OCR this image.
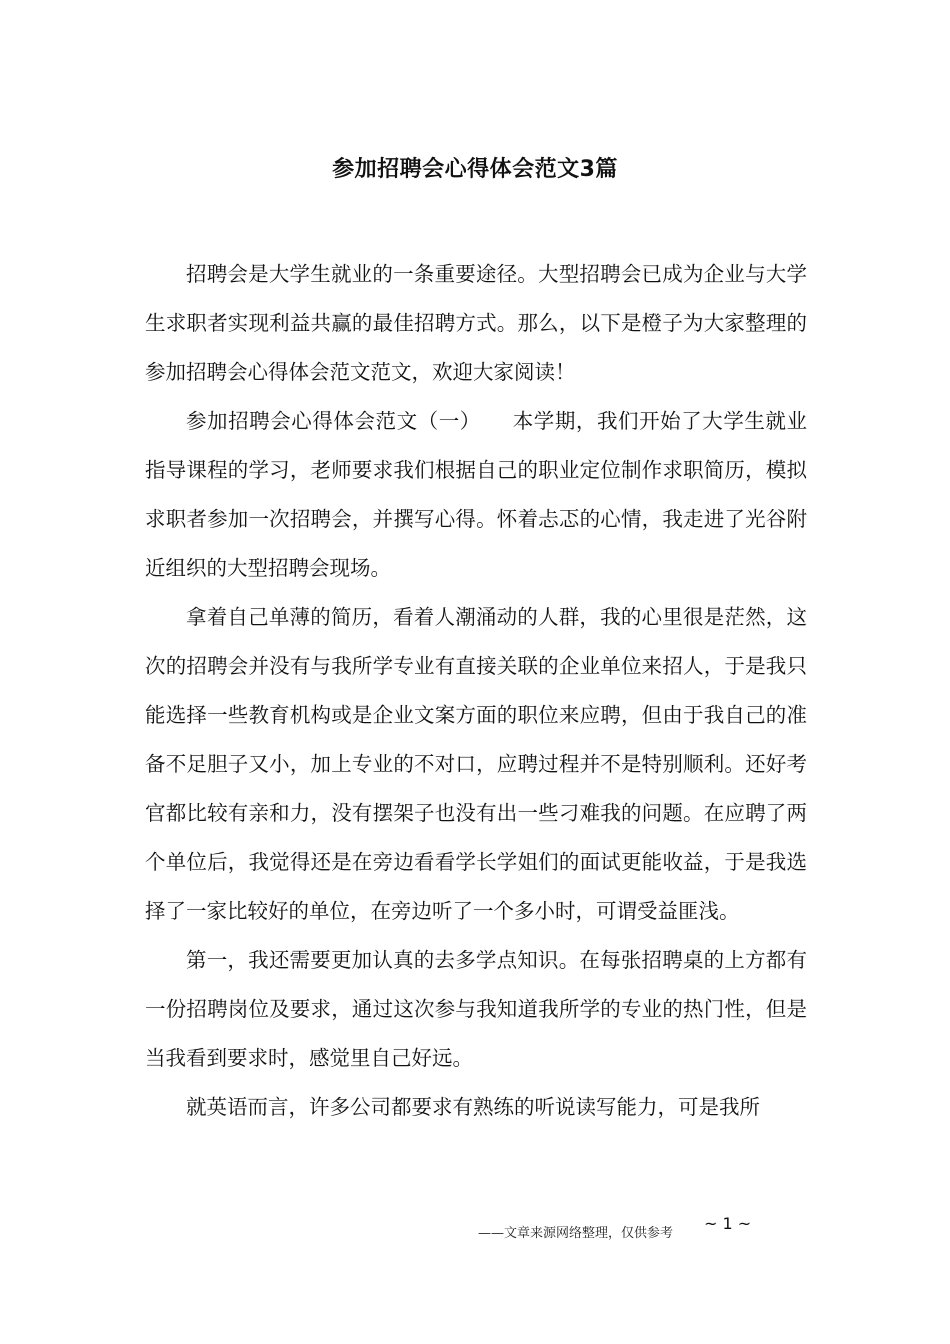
参加招聘会心得体会范文3篇

招聘会是大学生就业的一条重要途径。大型招聘会已成为企业与大学生求职者实现利益共赢的最佳招聘方式。那么，以下是橙子为大家整理的参加招聘会心得体会范文范文，欢迎大家阅读！

参加招聘会心得体会范文（一）　　本学期，我们开始了大学生就业指导课程的学习，老师要求我们根据自己的职业定位制作求职简历，模拟求职者参加一次招聘会，并撰写心得。怀着忐忑的心情，我走进了光谷附近组织的大型招聘会现场。

拿着自己单薄的简历，看着人潮涌动的人群，我的心里很是茫然，这次的招聘会并没有与我所学专业有直接关联的企业单位来招人，于是我只能选择一些教育机构或是企业文案方面的职位来应聘，但由于我自己的准备不足胆子又小，加上专业的不对口，应聘过程并不是特别顺利。还好考官都比较有亲和力，没有摆架子也没有出一些刁难我的问题。在应聘了两个单位后，我觉得还是在旁边看看学长学姐们的面试更能收益，于是我选择了一家比较好的单位，在旁边听了一个多小时，可谓受益匪浅。

第一，我还需要更加认真的去多学点知识。在每张招聘桌的上方都有一份招聘岗位及要求，通过这次参与我知道我所学的专业的热门性，但是当我看到要求时，感觉里自己好远。

就英语而言，许多公司都要求有熟练的听说读写能力，可是我所

——文章来源网络整理，仅供参考
~ 1 ~
